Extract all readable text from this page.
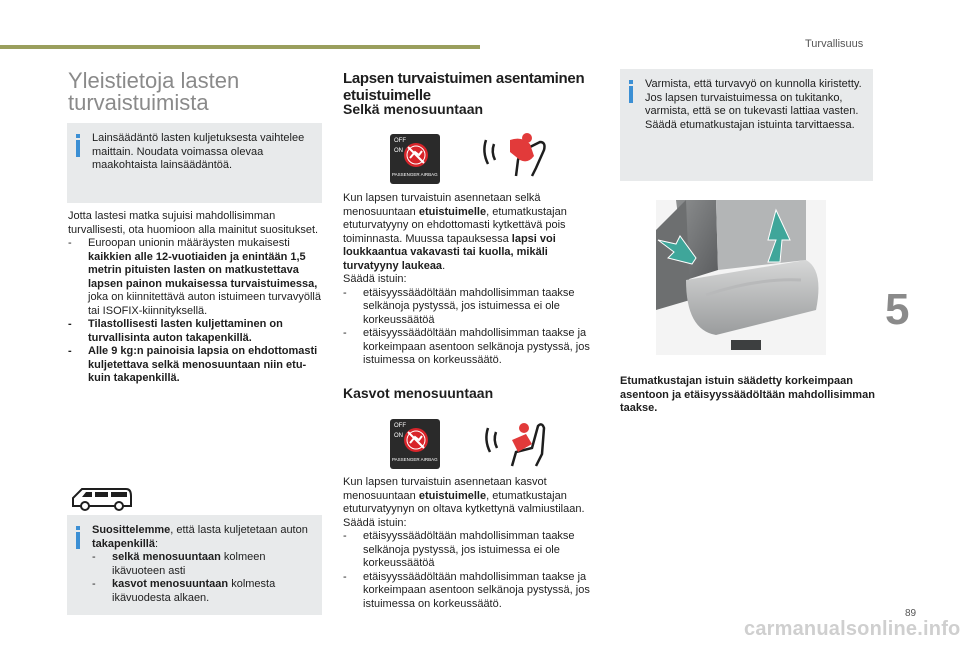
Turvallisuus
Yleistietoja lasten turvaistuimista
Lainsäädäntö lasten kuljetuksesta vaihtelee maittain. Noudata voimassa olevaa maakohtaista lainsäädäntöä.
Jotta lastesi matka sujuisi mahdollisimman turvallisesti, ota huomioon alla mainitut suositukset.
- Euroopan unionin määräysten mukaisesti kaikkien alle 12-vuotiaiden ja enintään 1,5 metrin pituisten lasten on matkustettava lapsen painon mukaisessa turvaistuimessa, joka on kiinnitettävä auton istuimeen turvavyöllä tai ISOFIX-kiinnityksellä.
- Tilastollisesti lasten kuljettaminen on turvallisinta auton takapenkillä.
- Alle 9 kg:n painoisia lapsia on ehdottomasti kuljetettava selkä menosuuntaan niin etu- kuin takapenkillä.
Suosittelemme, että lasta kuljetetaan auton takapenkillä:
- selkä menosuuntaan kolmeen ikävuoteen asti
- kasvot menosuuntaan kolmesta ikävuodesta alkaen.
Lapsen turvaistuimen asentaminen etuistuimelle
Selkä menosuuntaan
OFF
ON
PASSENGER AIRBAG
Kun lapsen turvaistuin asennetaan selkä menosuuntaan etuistuimelle, etumatkustajan etuturvatyyny on ehdottomasti kytkettävä pois toiminnasta. Muussa tapauksessa lapsi voi loukkaantua vakavasti tai kuolla, mikäli turvatyyny laukeaa.
Säädä istuin:
- etäisyyssäädöltään mahdollisimman taakse selkänoja pystyssä, jos istuimessa ei ole korkeussäätöä
- etäisyyssäädöltään mahdollisimman taakse ja korkeimpaan asentoon selkänoja pystyssä, jos istuimessa on korkeussäätö.
Kasvot menosuuntaan
OFF
ON
PASSENGER AIRBAG
Kun lapsen turvaistuin asennetaan kasvot menosuuntaan etuistuimelle, etumatkustajan etuturvatyynyn on oltava kytkettynä valmiustilaan.
Säädä istuin:
- etäisyyssäädöltään mahdollisimman taakse selkänoja pystyssä, jos istuimessa ei ole korkeussäätöä
- etäisyyssäädöltään mahdollisimman taakse ja korkeimpaan asentoon selkänoja pystyssä, jos istuimessa on korkeussäätö.
Varmista, että turvavyö on kunnolla kiristetty.
Jos lapsen turvaistuimessa on tukitanko, varmista, että se on tukevasti lattiaa vasten. Säädä etumatkustajan istuinta tarvittaessa.
Etumatkustajan istuin säädetty korkeimpaan asentoon ja etäisyyssäädöltään mahdollisimman taakse.
5
89
carmanualsonline.info
